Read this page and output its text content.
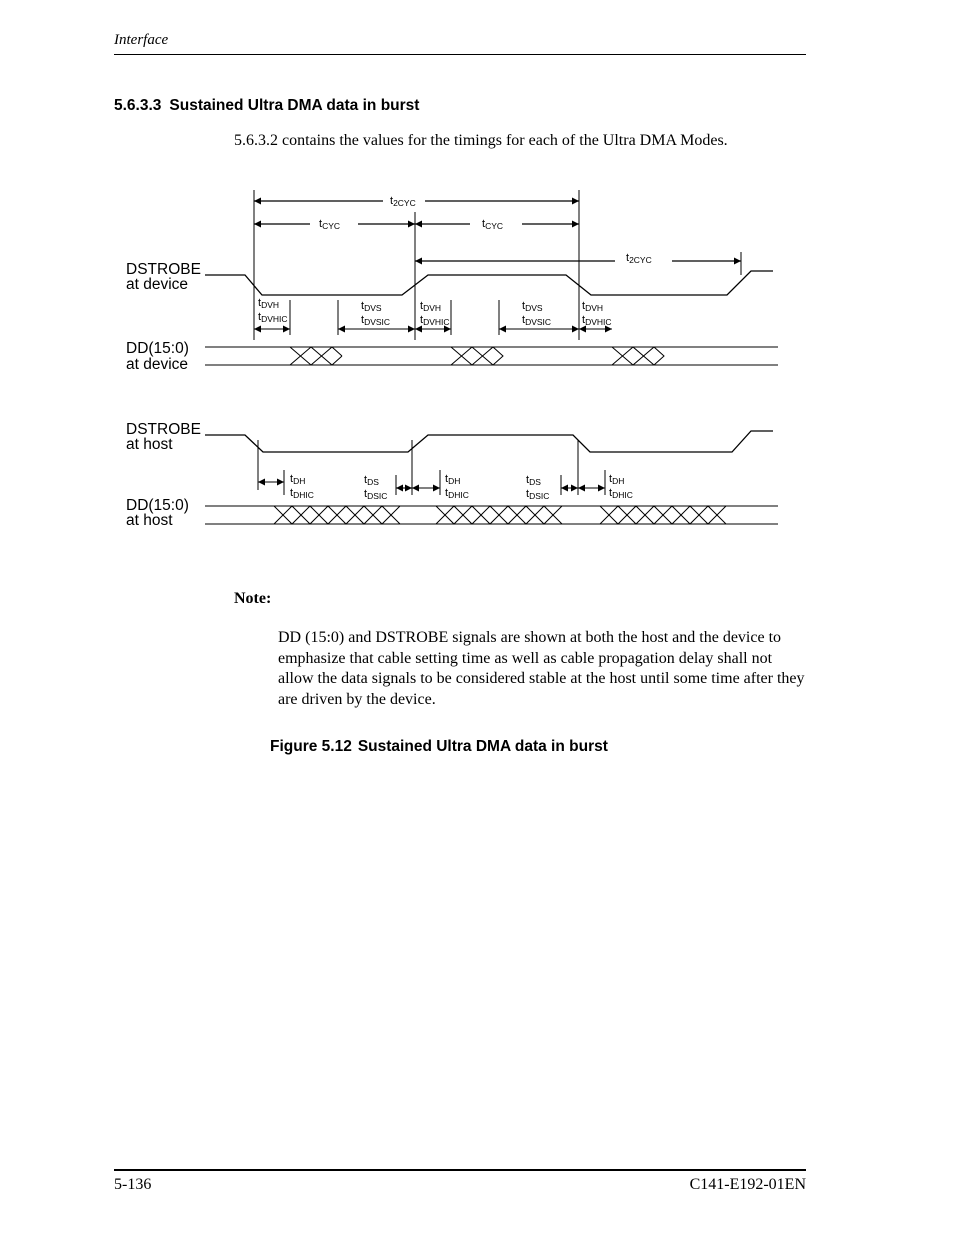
Interface
5.6.3.3 Sustained Ultra DMA data in burst
5.6.3.2 contains the values for the timings for each of the Ultra DMA Modes.
DSTROBE
at device
DD(15:0)
at device
DSTROBE
at host
DD(15:0)
at host
t2CYC
tCYC	tCYC
t2CYC
tDVH
tDVHIC
tDVS
tDVSIC
tDVH
tDVHIC
tDVS
tDVSIC
tDVH
tDVHIC
tDH
tDHIC
tDS
tDSIC
tDH
tDHIC
tDS
tDSIC
tDH
tDHIC
Note:
DD (15:0) and DSTROBE signals are shown at both the host and the device to emphasize that cable setting time as well as cable propagation delay shall not allow the data signals to be considered stable at the host until some time after they are driven by the device.
Figure 5.12 Sustained Ultra DMA data in burst
5-136	C141-E192-01EN
